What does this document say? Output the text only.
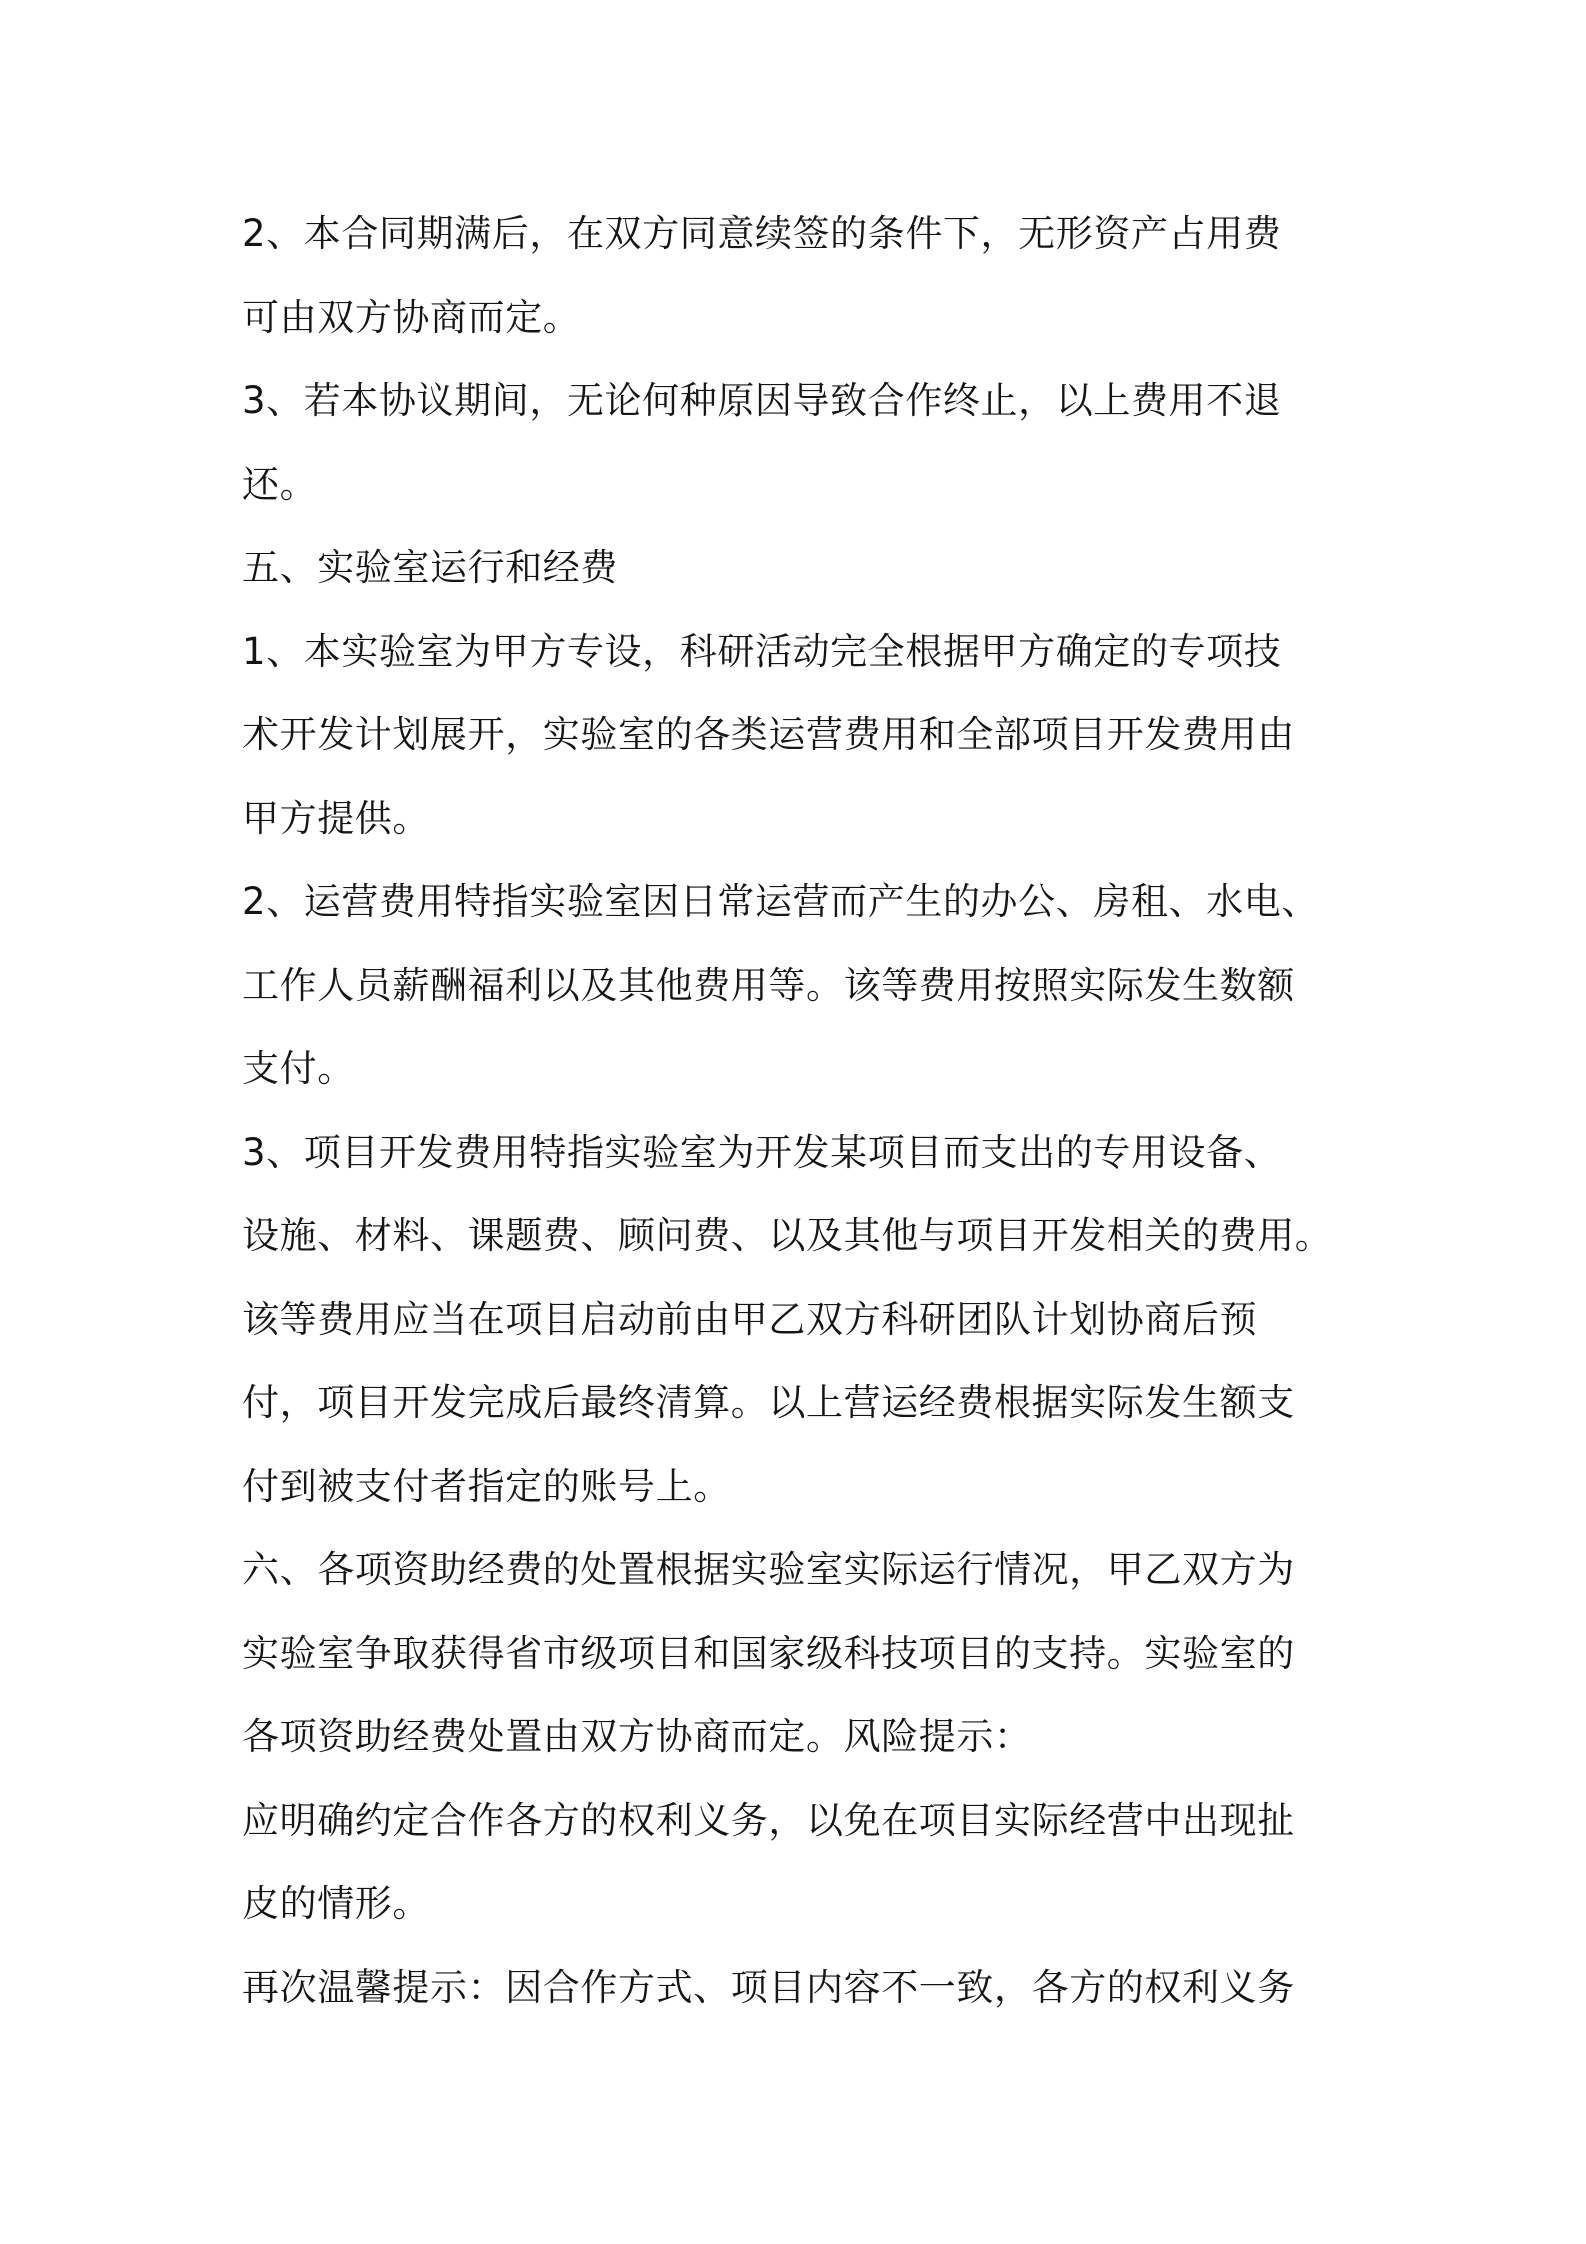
2、本合同期满后，在双方同意续签的条件下，无形资产占用费

可由双方协商而定。

3、若本协议期间，无论何种原因导致合作终止，以上费用不退

还。

五、实验室运行和经费

1、本实验室为甲方专设，科研活动完全根据甲方确定的专项技

术开发计划展开，实验室的各类运营费用和全部项目开发费用由

甲方提供。

2、运营费用特指实验室因日常运营而产生的办公、房租、水电、

工作人员薪酬福利以及其他费用等。该等费用按照实际发生数额

支付。

3、项目开发费用特指实验室为开发某项目而支出的专用设备、

设施、材料、课题费、顾问费、以及其他与项目开发相关的费用。

该等费用应当在项目启动前由甲乙双方科研团队计划协商后预

付，项目开发完成后最终清算。以上营运经费根据实际发生额支

付到被支付者指定的账号上。

六、各项资助经费的处置根据实验室实际运行情况，甲乙双方为

实验室争取获得省市级项目和国家级科技项目的支持。实验室的

各项资助经费处置由双方协商而定。风险提示：

应明确约定合作各方的权利义务，以免在项目实际经营中出现扯

皮的情形。

再次温馨提示：因合作方式、项目内容不一致，各方的权利义务
